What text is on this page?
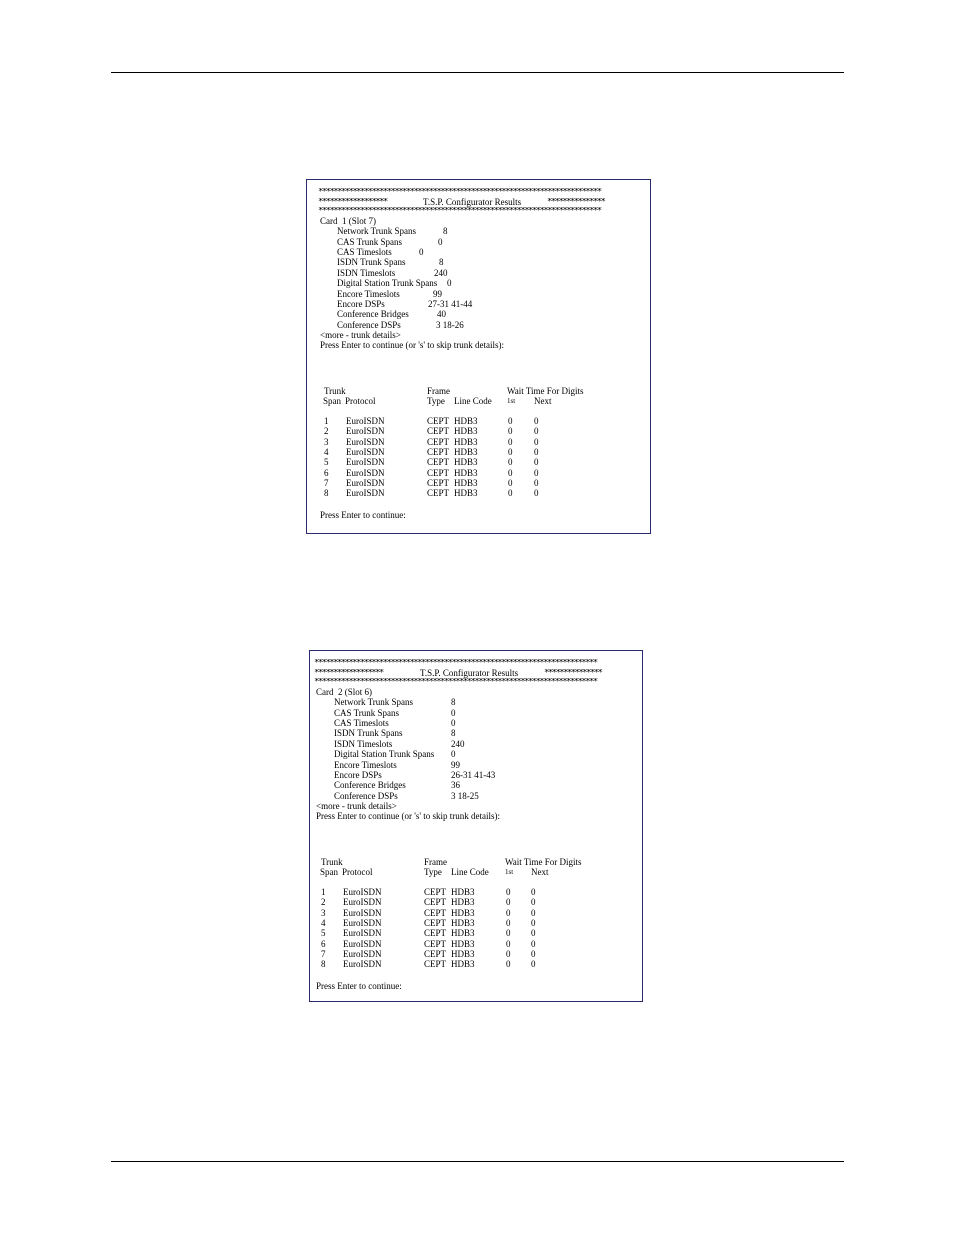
**************************************************************************
******************	T.S.P. Configurator Results	***************
**************************************************************************
Card  1 (Slot 7)
Network Trunk Spans	8
CAS Trunk Spans	0
CAS Timeslots	0
ISDN Trunk Spans	8
ISDN Timeslots	240
Digital Station Trunk Spans 0
Encore Timeslots	99
Encore DSPs	27-31 41-44
Conference Bridges	40
Conference DSPs	3 18-26
<more - trunk details>
Press Enter to continue (or 's' to skip trunk details):
Trunk	Frame	Wait Time For Digits
Span Protocol	Type Line Code 1st Next
1 EuroISDN	CEPT HDB3	0 0
2 EuroISDN	CEPT HDB3	0 0
3 EuroISDN	CEPT HDB3	0 0
4 EuroISDN	CEPT HDB3	0 0
5 EuroISDN	CEPT HDB3	0 0
6 EuroISDN	CEPT HDB3	0 0
7 EuroISDN	CEPT HDB3	0 0
8 EuroISDN	CEPT HDB3	0 0
Press Enter to continue:
**************************************************************************
******************	T.S.P. Configurator Results	***************
**************************************************************************
Card  2 (Slot 6)
Network Trunk Spans	8
CAS Trunk Spans	0
CAS Timeslots	0
ISDN Trunk Spans	8
ISDN Timeslots	240
Digital Station Trunk Spans 0
Encore Timeslots	99
Encore DSPs	26-31 41-43
Conference Bridges	36
Conference DSPs	3 18-25
<more - trunk details>
Press Enter to continue (or 's' to skip trunk details):
Trunk	Frame	Wait Time For Digits
Span Protocol	Type Line Code 1st Next
1 EuroISDN	CEPT HDB3	0 0
2 EuroISDN	CEPT HDB3	0 0
3 EuroISDN	CEPT HDB3	0 0
4 EuroISDN	CEPT HDB3	0 0
5 EuroISDN	CEPT HDB3	0 0
6 EuroISDN	CEPT HDB3	0 0
7 EuroISDN	CEPT HDB3	0 0
8 EuroISDN	CEPT HDB3	0 0
Press Enter to continue:
